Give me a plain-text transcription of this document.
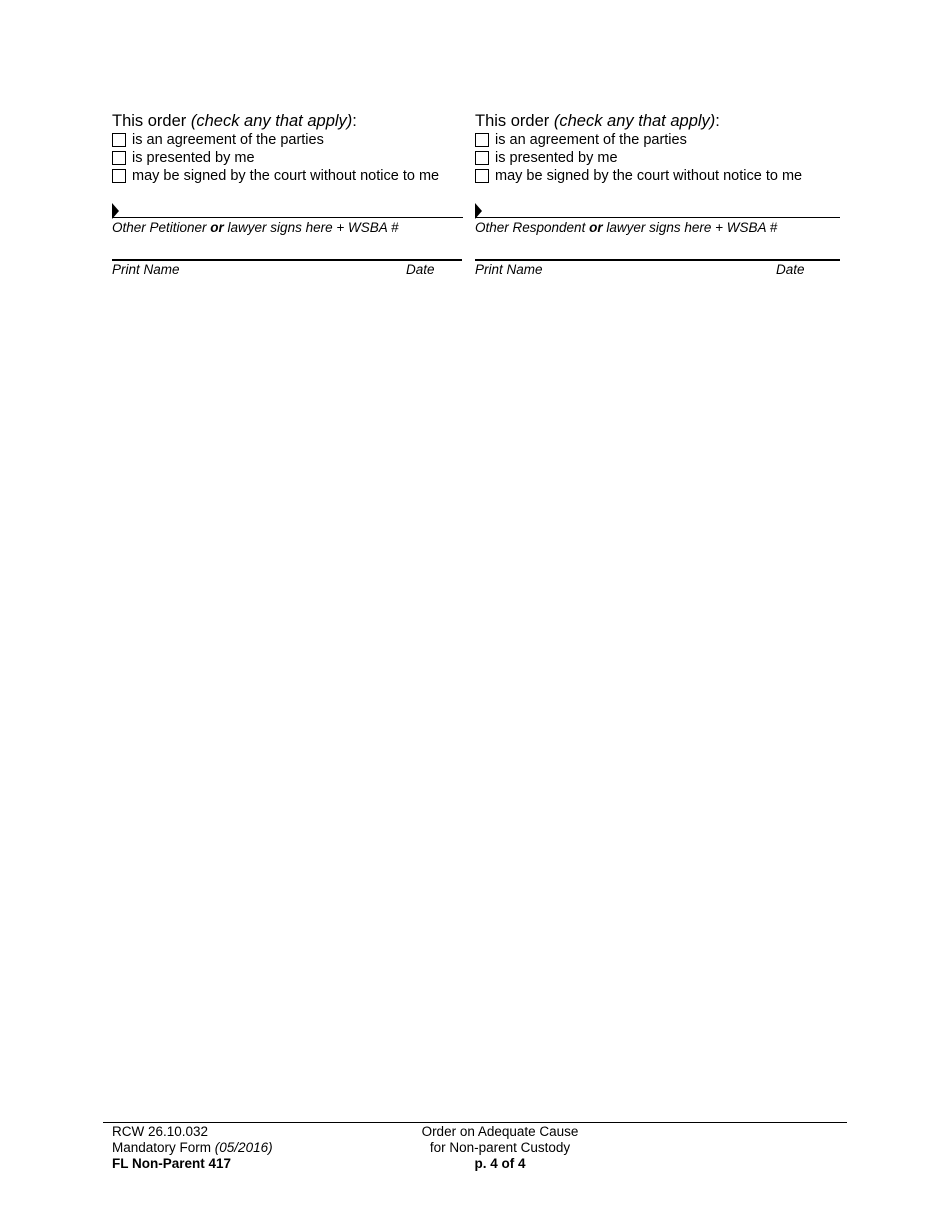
This order (check any that apply):
is an agreement of the parties
is presented by me
may be signed by the court without notice to me
Other Petitioner or lawyer signs here + WSBA #
Print Name	Date
This order (check any that apply):
is an agreement of the parties
is presented by me
may be signed by the court without notice to me
Other Respondent or lawyer signs here + WSBA #
Print Name	Date
RCW 26.10.032
Mandatory Form (05/2016)
FL Non-Parent 417
Order on Adequate Cause
for Non-parent Custody
p. 4 of 4
